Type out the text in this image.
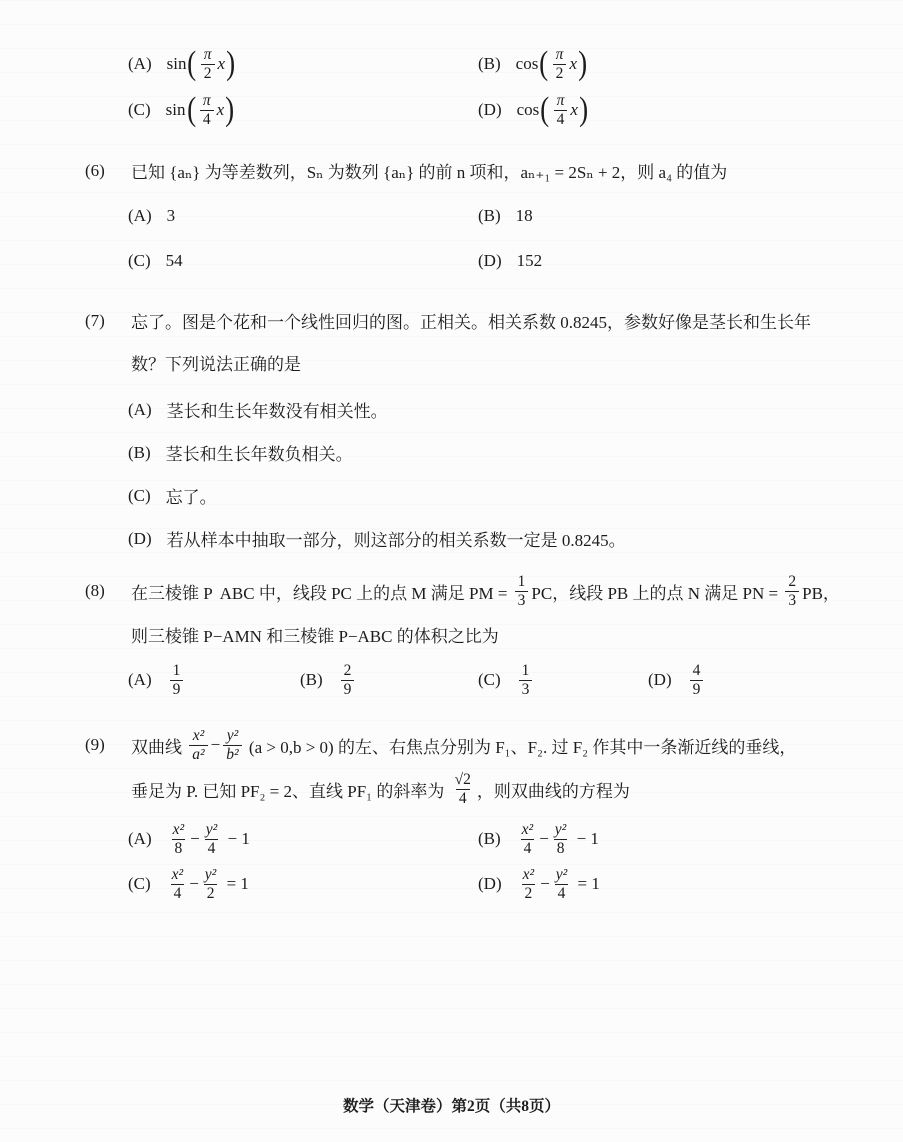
(A) sin ( $\frac{\pi}{2}$ x )	(B) cos ( $\frac{\pi}{2}$ x )
(C) sin ( $\frac{\pi}{4}$ x )	(D) cos ( $\frac{\pi}{4}$ x )
(6)	已知 {aₙ} 为等差数列，Sₙ 为数列 {aₙ} 的前 n 项和，aₙ₊₁ = 2Sₙ + 2，则 a₄ 的值为
(A) 3	(B) 18
(C) 54	(D) 152
(7)	忘了。图是个花和一个线性回归的图。正相关。相关系数 0.8245，参数好像是茎长和生长年
数？下列说法正确的是
(A) 茎长和生长年数没有相关性。
(B) 茎长和生长年数负相关。
(C) 忘了。
(D) 若从样本中抽取一部分，则这部分的相关系数一定是 0.8245。
(8)	在三棱锥 P  ABC 中，线段 PC 上的点 M 满足 PM = $\frac{1}{3}$ PC，线段 PB 上的点 N 满足 PN = $\frac{2}{3}$ PB，
则三棱锥 P−AMN 和三棱锥 P−ABC 的体积之比为
$(A) \frac{1}{9}$	$(B) \frac{2}{9}$	$(C) \frac{1}{3}$	$(D) \frac{4}{9}$
(9)	双曲线 $\frac{\text{x²}}{\text{a²}} - \frac{\text{y²}}{\text{b²}} (a > 0,b > 0)$ 的左、右焦点分别为 F₁、F₂. 过 F₂ 作其中一条渐近线的垂线，
垂足为 P. 已知 PF₂ = 2、直线 PF₁ 的斜率为 $\frac{√2}{4}$ ，则双曲线的方程为
$(A) \frac{\text{x²}}{8} - \frac{\text{y²}}{4} - 1$	$(B) \frac{\text{x²}}{4} - \frac{\text{y²}}{8} - 1$
$(C) \frac{\text{x²}}{4} - \frac{\text{y²}}{2} = 1$	$(D) \frac{\text{x²}}{2} - \frac{\text{y²}}{4} = 1$
数学（天津卷）第2页（共8页）
